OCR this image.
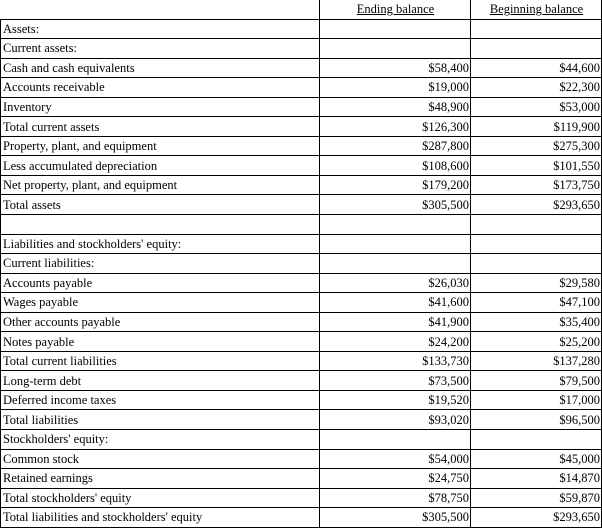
	Ending balance	Beginning balance
Assets:		
Current assets:		
Cash and cash equivalents	$58,400	$44,600
Accounts receivable	$19,000	$22,300
Inventory	$48,900	$53,000
Total current assets	$126,300	$119,900
Property, plant, and equipment	$287,800	$275,300
Less accumulated depreciation	$108,600	$101,550
Net property, plant, and equipment	$179,200	$173,750
Total assets	$305,500	$293,650

Liabilities and stockholders' equity:		
Current liabilities:		
Accounts payable	$26,030	$29,580
Wages payable	$41,600	$47,100
Other accounts payable	$41,900	$35,400
Notes payable	$24,200	$25,200
Total current liabilities	$133,730	$137,280
Long-term debt	$73,500	$79,500
Deferred income taxes	$19,520	$17,000
Total liabilities	$93,020	$96,500
Stockholders' equity:		
Common stock	$54,000	$45,000
Retained earnings	$24,750	$14,870
Total stockholders' equity	$78,750	$59,870
Total liabilities and stockholders' equity	$305,500	$293,650
